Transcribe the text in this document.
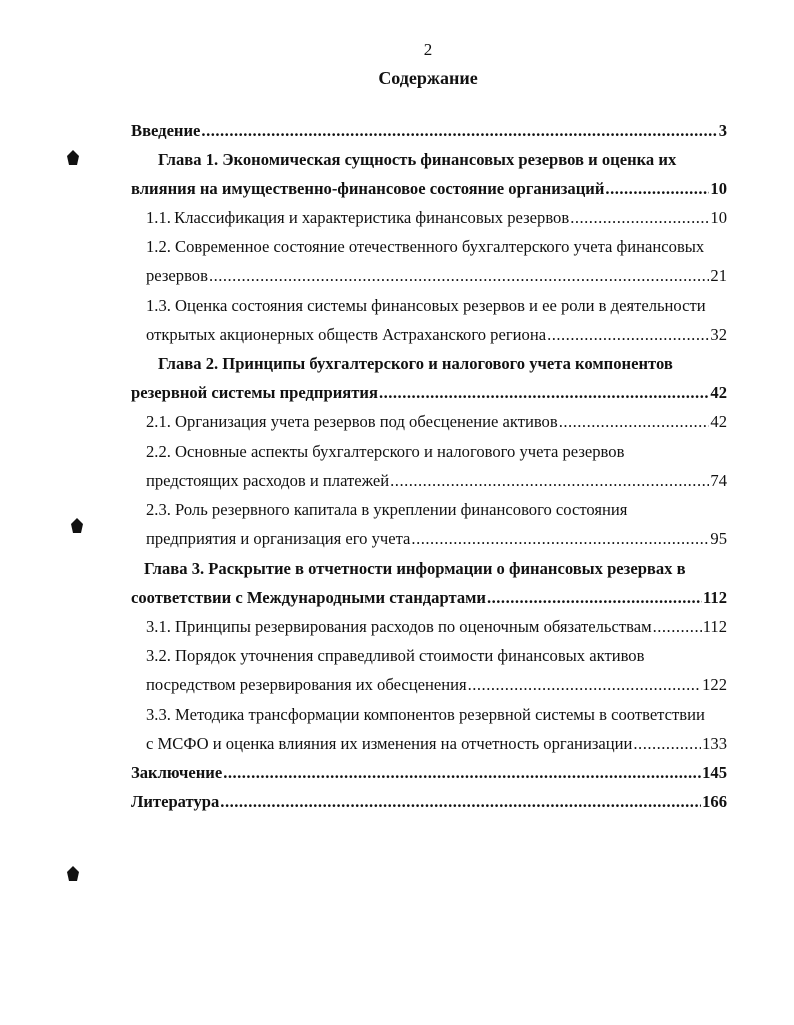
2
Содержание
Введение .....	3
Глава 1. Экономическая сущность финансовых резервов и оценка их
влияния на имущественно-финансовое состояние организаций .....	10
1.1. Классификация и характеристика финансовых резервов .....	10
1.2. Современное состояние отечественного бухгалтерского учета финансовых
резервов .....	21
1.3. Оценка состояния системы финансовых резервов и ее роли в деятельности
открытых акционерных обществ Астраханского региона .....	32
Глава 2. Принципы бухгалтерского и налогового учета компонентов
резервной системы предприятия .....	42
2.1. Организация учета резервов под обесценение активов .....	42
2.2. Основные аспекты бухгалтерского и налогового учета резервов
предстоящих расходов и платежей .....	74
2.3. Роль резервного капитала в укреплении финансового состояния
предприятия и организация его учета .....	95
Глава 3. Раскрытие в отчетности информации о финансовых резервах в
соответствии с Международными стандартами .....	112
3.1. Принципы резервирования расходов по оценочным обязательствам .....	112
3.2. Порядок уточнения справедливой стоимости финансовых активов
посредством резервирования их обесценения .....	122
3.3. Методика трансформации компонентов резервной системы в соответствии
с МСФО и оценка влияния их изменения на отчетность организации .....	133
Заключение .....	145
Литература .....	166
